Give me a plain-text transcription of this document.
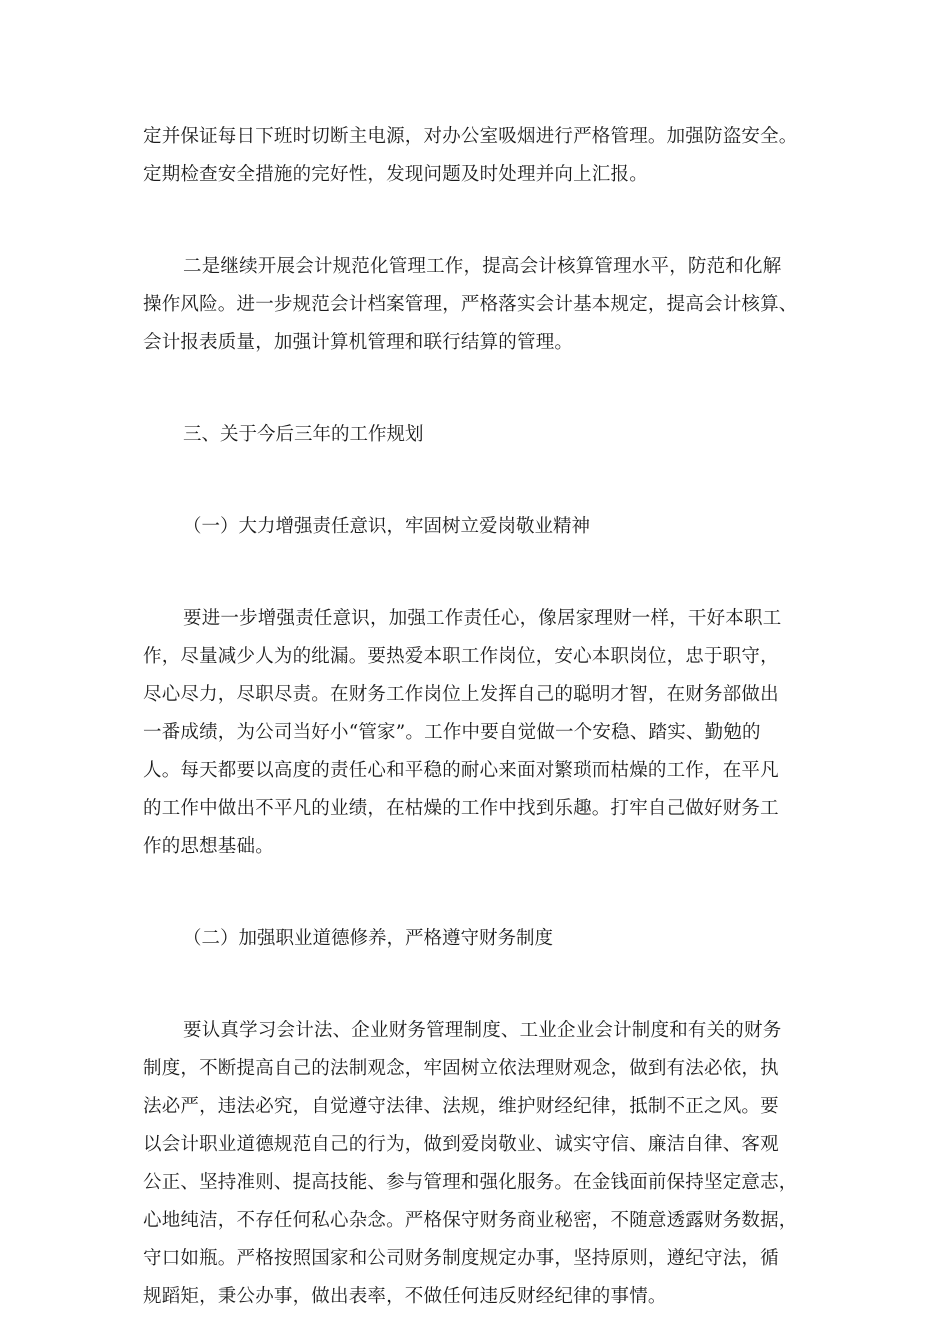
定并保证每日下班时切断主电源，对办公室吸烟进行严格管理。加强防盗安全。
定期检查安全措施的完好性，发现问题及时处理并向上汇报。
二是继续开展会计规范化管理工作，提高会计核算管理水平，防范和化解
操作风险。进一步规范会计档案管理，严格落实会计基本规定，提高会计核算、
会计报表质量，加强计算机管理和联行结算的管理。
三、关于今后三年的工作规划
（一）大力增强责任意识，牢固树立爱岗敬业精神
要进一步增强责任意识，加强工作责任心，像居家理财一样，干好本职工
作，尽量减少人为的纰漏。要热爱本职工作岗位，安心本职岗位，忠于职守，
尽心尽力，尽职尽责。在财务工作岗位上发挥自己的聪明才智，在财务部做出
一番成绩，为公司当好小“管家”。工作中要自觉做一个安稳、踏实、勤勉的
人。每天都要以高度的责任心和平稳的耐心来面对繁琐而枯燥的工作，在平凡
的工作中做出不平凡的业绩，在枯燥的工作中找到乐趣。打牢自己做好财务工
作的思想基础。
（二）加强职业道德修养，严格遵守财务制度
要认真学习会计法、企业财务管理制度、工业企业会计制度和有关的财务
制度，不断提高自己的法制观念，牢固树立依法理财观念，做到有法必依，执
法必严，违法必究，自觉遵守法律、法规，维护财经纪律，抵制不正之风。要
以会计职业道德规范自己的行为，做到爱岗敬业、诚实守信、廉洁自律、客观
公正、坚持准则、提高技能、参与管理和强化服务。在金钱面前保持坚定意志，
心地纯洁，不存任何私心杂念。严格保守财务商业秘密，不随意透露财务数据，
守口如瓶。严格按照国家和公司财务制度规定办事，坚持原则，遵纪守法，循
规蹈矩，秉公办事，做出表率，不做任何违反财经纪律的事情。
